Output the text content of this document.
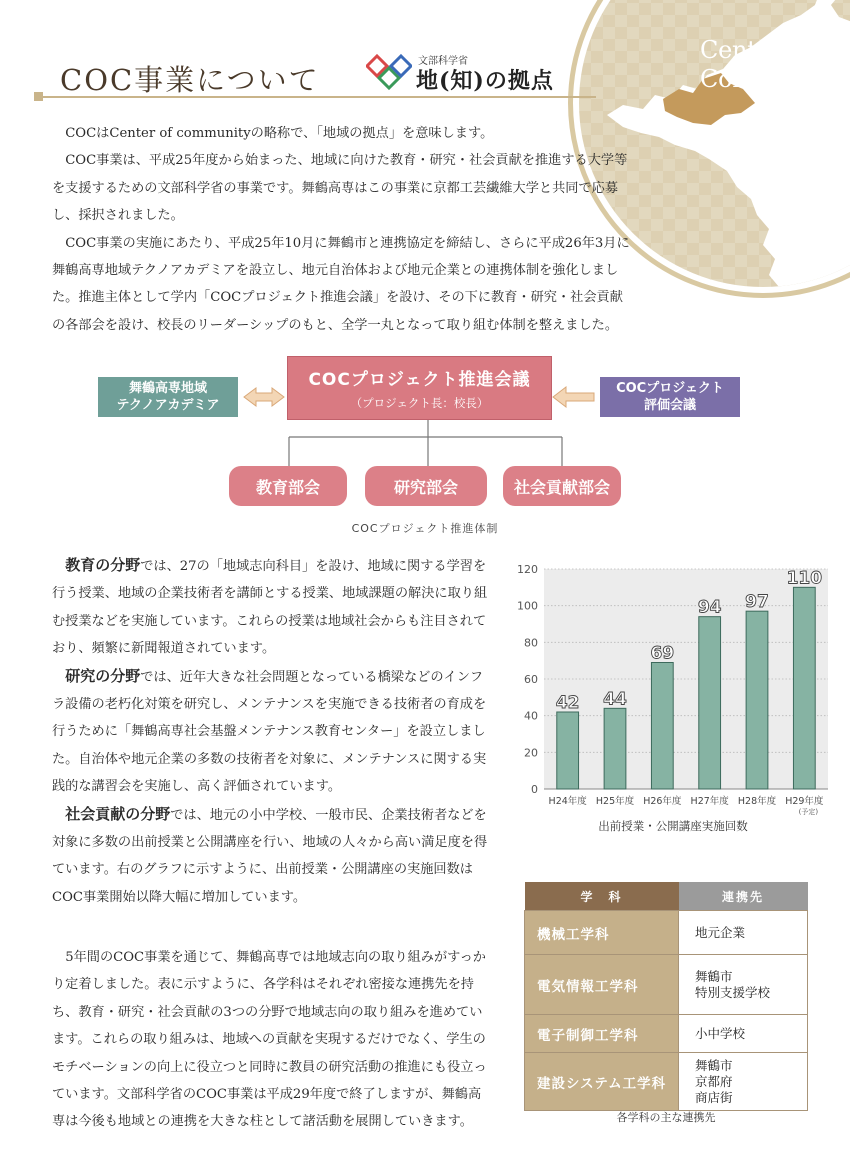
Center of
Community
COC事業について
文部科学省
地(知)の拠点

COCはCenter of communityの略称で、「地域の拠点」を意味します。

COC事業は、平成25年度から始まった、地域に向けた教育・研究・社会貢献を推進する大学等を支援するための文部科学省の事業です。舞鶴高専はこの事業に京都工芸繊維大学と共同で応募し、採択されました。

COC事業の実施にあたり、平成25年10月に舞鶴市と連携協定を締結し、さらに平成26年3月に舞鶴高専地域テクノアカデミアを設立し、地元自治体および地元企業との連携体制を強化しました。推進主体として学内「COCプロジェクト推進会議」を設け、その下に教育・研究・社会貢献の各部会を設け、校長のリーダーシップのもと、全学一丸となって取り組む体制を整えました。

COCプロジェクト推進会議
（プロジェクト長：校長）
舞鶴高専地域
テクノアカデミア
COCプロジェクト
評価会議
教育部会	研究部会	社会貢献部会
COCプロジェクト推進体制

教育の分野では、27の「地域志向科目」を設け、地域に関する学習を行う授業、地域の企業技術者を講師とする授業、地域課題の解決に取り組む授業などを実施しています。これらの授業は地域社会からも注目されており、頻繁に新聞報道されています。

研究の分野では、近年大きな社会問題となっている橋梁などのインフラ設備の老朽化対策を研究し、メンテナンスを実施できる技術者の育成を行うために「舞鶴高専社会基盤メンテナンス教育センター」を設立しました。自治体や地元企業の多数の技術者を対象に、メンテナンスに関する実践的な講習会を実施し、高く評価されています。

社会貢献の分野では、地元の小中学校、一般市民、企業技術者などを対象に多数の出前授業と公開講座を行い、地域の人々から高い満足度を得ています。右のグラフに示すように、出前授業・公開講座の実施回数はCOC事業開始以降大幅に増加しています。

0
20
40
60
80
100
120
42
H24年度
44
H25年度
69
H26年度
94
H27年度
97
H28年度
110
H29年度
(予定)
出前授業・公開講座実施回数

5年間のCOC事業を通じて、舞鶴高専では地域志向の取り組みがすっかり定着しました。表に示すように、各学科はそれぞれ密接な連携先を持ち、教育・研究・社会貢献の3つの分野で地域志向の取り組みを進めています。これらの取り組みは、地域への貢献を実現するだけでなく、学生のモチベーションの向上に役立つと同時に教員の研究活動の推進にも役立っています。文部科学省のCOC事業は平成29年度で終了しますが、舞鶴高専は今後も地域との連携を大きな柱として諸活動を展開していきます。

学　科	連携先
機械工学科	地元企業

電気情報工学科	舞鶴市
特別支援学校

電子制御工学科	小中学校

建設システム工学科	舞鶴市
京都府
商店街
各学科の主な連携先
